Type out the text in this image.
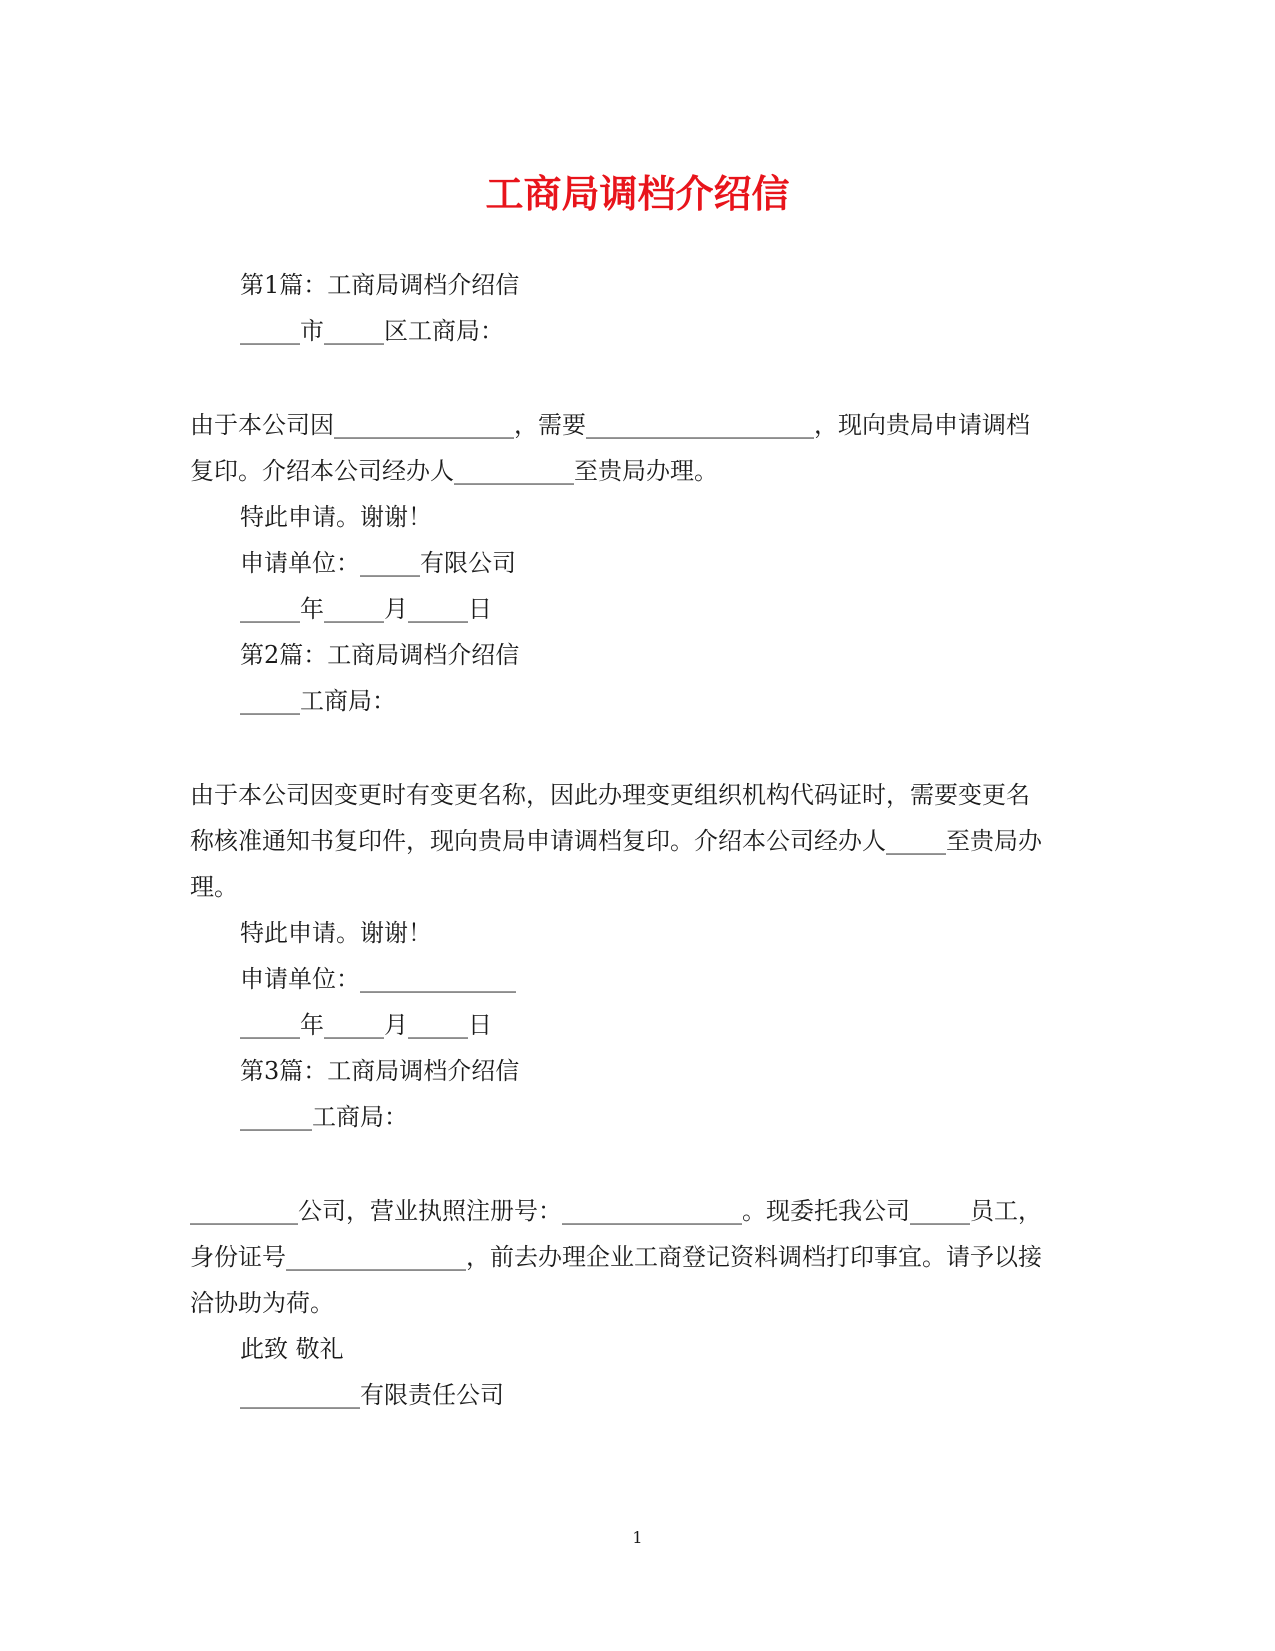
工商局调档介绍信
第1篇：工商局调档介绍信
_____市_____区工商局：
由于本公司因_______________，需要___________________，现向贵局申请调档
复印。介绍本公司经办人__________至贵局办理。
特此申请。谢谢！
申请单位：_____有限公司
_____年_____月_____日
第2篇：工商局调档介绍信
_____工商局：
由于本公司因变更时有变更名称，因此办理变更组织机构代码证时，需要变更名
称核准通知书复印件，现向贵局申请调档复印。介绍本公司经办人_____至贵局办
理。
特此申请。谢谢！
申请单位：_____________
_____年_____月_____日
第3篇：工商局调档介绍信
______工商局：
_________公司，营业执照注册号：_______________。现委托我公司_____员工，
身份证号_______________，前去办理企业工商登记资料调档打印事宜。请予以接
洽协助为荷。
此致 敬礼
__________有限责任公司
1
